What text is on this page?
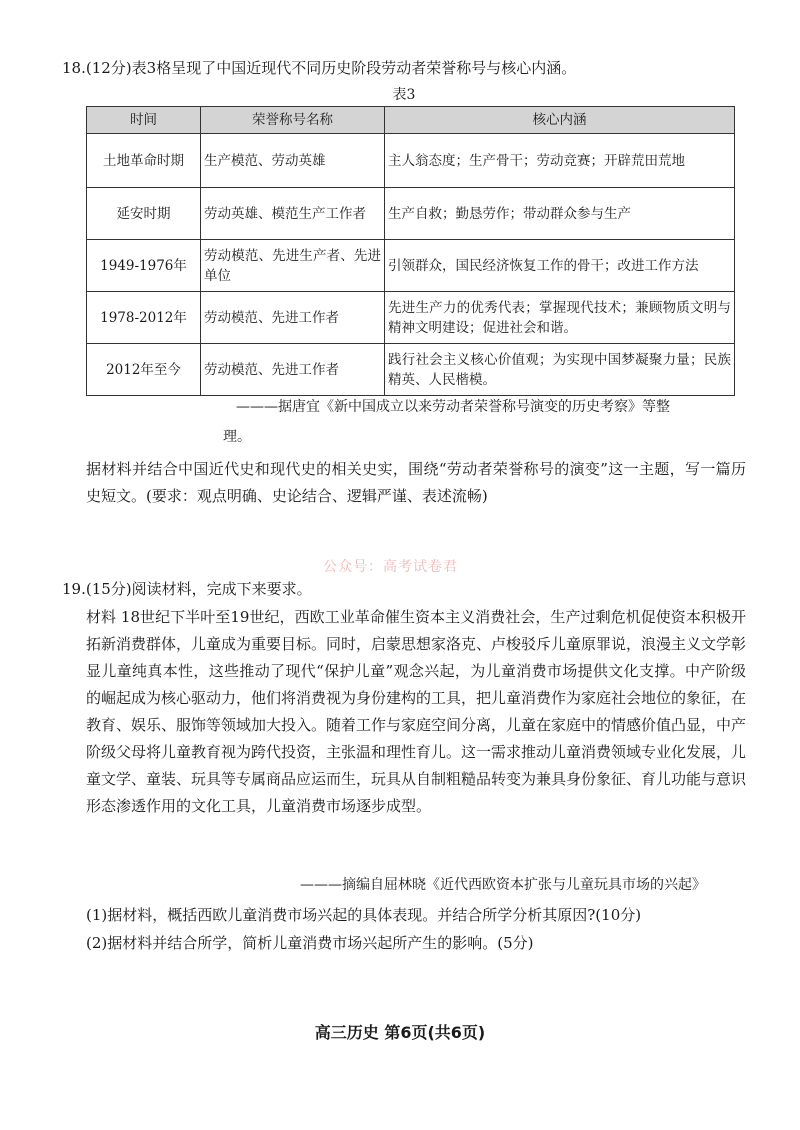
18.(12分)表3格呈现了中国近现代不同历史阶段劳动者荣誉称号与核心内涵。
表3
时间	荣誉称号名称	核心内涵
土地革命时期	生产模范、劳动英雄	主人翁态度；生产骨干；劳动竞赛；开辟荒田荒地
延安时期	劳动英雄、模范生产工作者	生产自救；勤恳劳作；带动群众参与生产
1949-1976年	劳动模范、先进生产者、先进单位	引领群众，国民经济恢复工作的骨干；改进工作方法
1978-2012年	劳动模范、先进工作者	先进生产力的优秀代表；掌握现代技术；兼顾物质文明与精神文明建设；促进社会和谐。
2012年至今	劳动模范、先进工作者	践行社会主义核心价值观；为实现中国梦凝聚力量；民族精英、人民楷模。
———据唐宜《新中国成立以来劳动者荣誉称号演变的历史考察》等整
理。
据材料并结合中国近代史和现代史的相关史实，围绕“劳动者荣誉称号的演变”这一主题，写一篇历史短文。(要求：观点明确、史论结合、逻辑严谨、表述流畅)
公众号：高考试卷君
19.(15分)阅读材料，完成下来要求。
材料 18世纪下半叶至19世纪，西欧工业革命催生资本主义消费社会，生产过剩危机促使资本积极开拓新消费群体，儿童成为重要目标。同时，启蒙思想家洛克、卢梭驳斥儿童原罪说，浪漫主义文学彰显儿童纯真本性，这些推动了现代“保护儿童”观念兴起，为儿童消费市场提供文化支撑。中产阶级的崛起成为核心驱动力，他们将消费视为身份建构的工具，把儿童消费作为家庭社会地位的象征，在教育、娱乐、服饰等领域加大投入。随着工作与家庭空间分离，儿童在家庭中的情感价值凸显，中产阶级父母将儿童教育视为跨代投资，主张温和理性育儿。这一需求推动儿童消费领域专业化发展，儿童文学、童装、玩具等专属商品应运而生，玩具从自制粗糙品转变为兼具身份象征、育儿功能与意识形态渗透作用的文化工具，儿童消费市场逐步成型。
———摘编自屈林晓《近代西欧资本扩张与儿童玩具市场的兴起》
(1)据材料，概括西欧儿童消费市场兴起的具体表现。并结合所学分析其原因?(10分)
(2)据材料并结合所学，简析儿童消费市场兴起所产生的影响。(5分)
高三历史 第6页(共6页)
